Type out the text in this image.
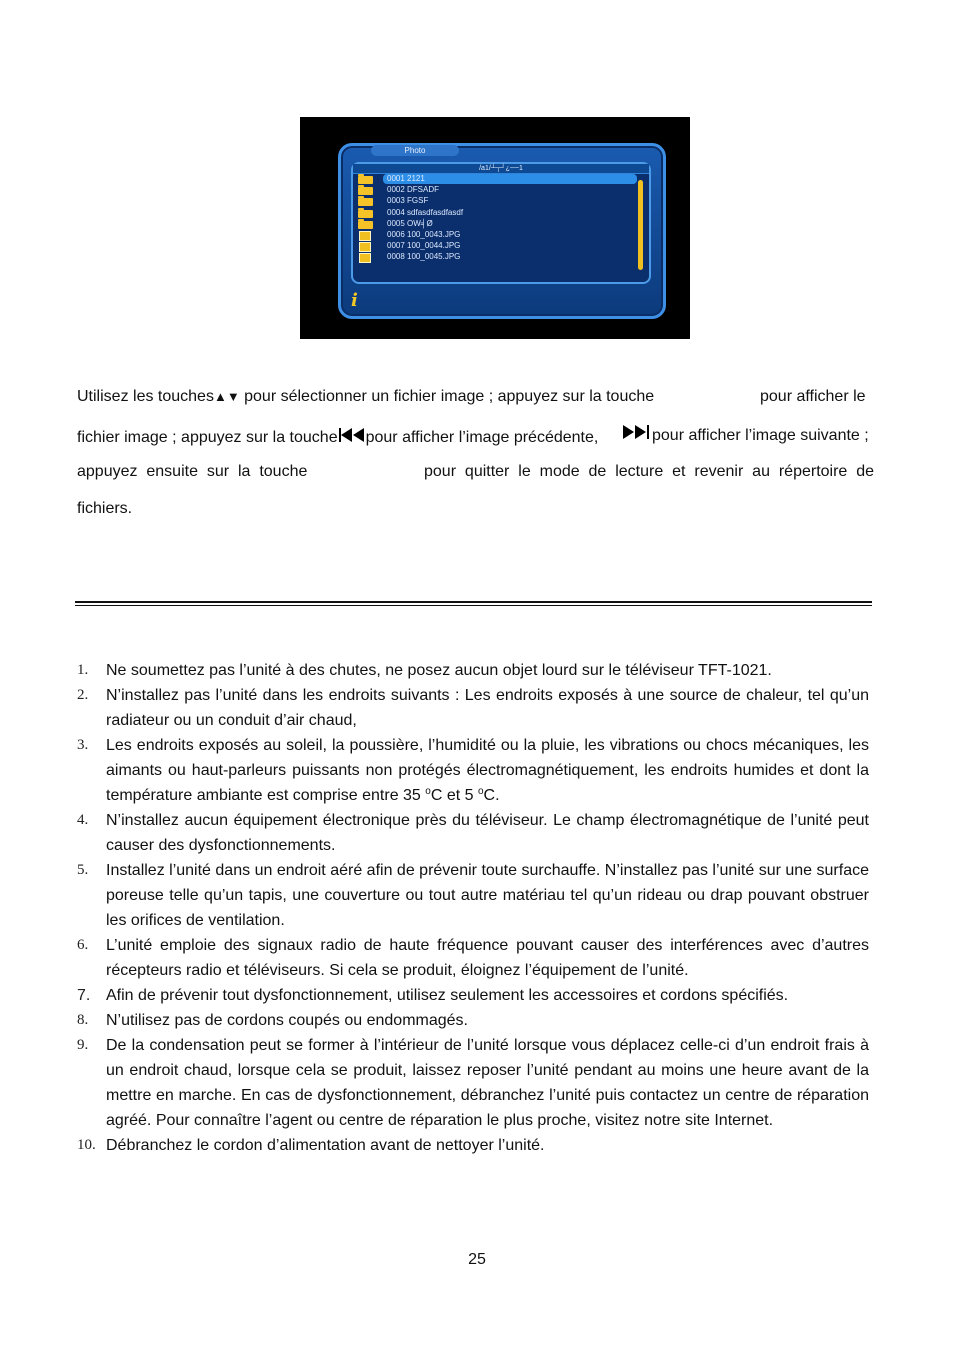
Photo
/a1/┴┬┘¿─~1
0001 2121
0002 DFSADF
0003 FGSF
0004 sdfasdfasdfasdf
0005 OW╡Ø
0006 100_0043.JPG
0007 100_0044.JPG
0008 100_0045.JPG
i
Utilisez les touches▲▼ pour sélectionner un fichier image ; appuyez sur la touche	pour afficher le
fichier image ; appuyez sur la touche pour afficher l’image précédente,	pour afficher l’image suivante ;
appuyez  ensuite  sur  la  touche	pour  quitter  le  mode  de  lecture  et  revenir  au  répertoire  de
fichiers.
1. Ne soumettez pas l’unité à des chutes, ne posez aucun objet lourd sur le téléviseur TFT-1021.
2. N’installez pas l’unité dans les endroits suivants : Les endroits exposés à une source de chaleur, tel qu’un radiateur ou un conduit d’air chaud,
3. Les endroits exposés au soleil, la poussière, l’humidité ou la pluie, les vibrations ou chocs mécaniques, les aimants ou haut-parleurs puissants non protégés électromagnétiquement, les endroits humides et dont la température ambiante est comprise entre 35 $^o$C et 5 $^o$C.
4. N’installez aucun équipement électronique près du téléviseur. Le champ électromagnétique de l’unité peut causer des dysfonctionnements.
5. Installez l’unité dans un endroit aéré afin de prévenir toute surchauffe. N’installez pas l’unité sur une surface poreuse telle qu’un tapis, une couverture ou tout autre matériau tel qu’un rideau ou drap pouvant obstruer les orifices de ventilation.
6. L’unité emploie des signaux radio de haute fréquence pouvant causer des interférences avec d’autres récepteurs radio et téléviseurs. Si cela se produit, éloignez l’équipement de l’unité.
7. Afin de prévenir tout dysfonctionnement, utilisez seulement les accessoires et cordons spécifiés.
8. N’utilisez pas de cordons coupés ou endommagés.
9. De la condensation peut se former à l’intérieur de l’unité lorsque vous déplacez celle-ci d’un endroit frais à un endroit chaud, lorsque cela se produit, laissez reposer l’unité pendant au moins une heure avant de la mettre en marche. En cas de dysfonctionnement, débranchez l’unité puis contactez un centre de réparation agréé. Pour connaître l’agent ou centre de réparation le plus proche, visitez notre site Internet.
10. Débranchez le cordon d’alimentation avant de nettoyer l’unité.
25
